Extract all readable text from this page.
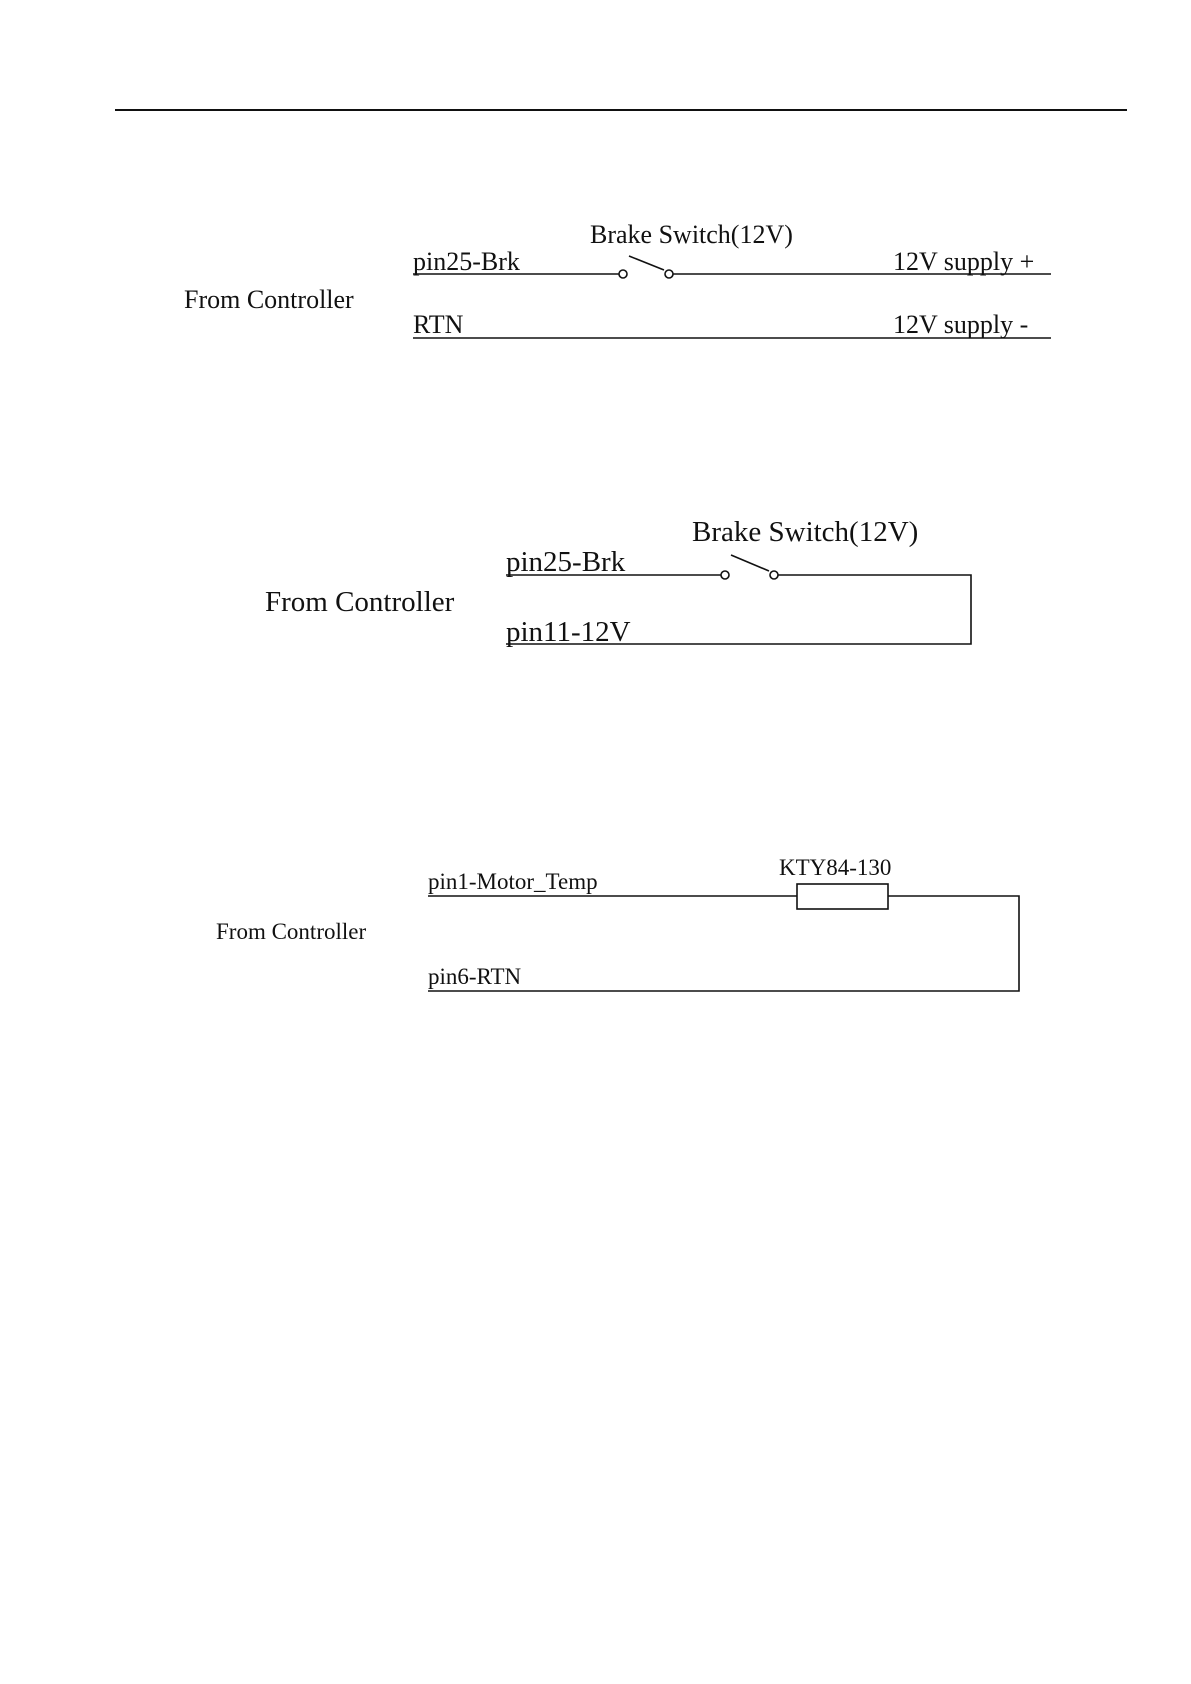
From Controller
Brake Switch(12V)
pin25-Brk
RTN
12V supply +
12V supply -
From Controller
Brake Switch(12V)
pin25-Brk
pin11-12V
From Controller
KTY84-130
pin1-Motor_Temp
pin6-RTN
